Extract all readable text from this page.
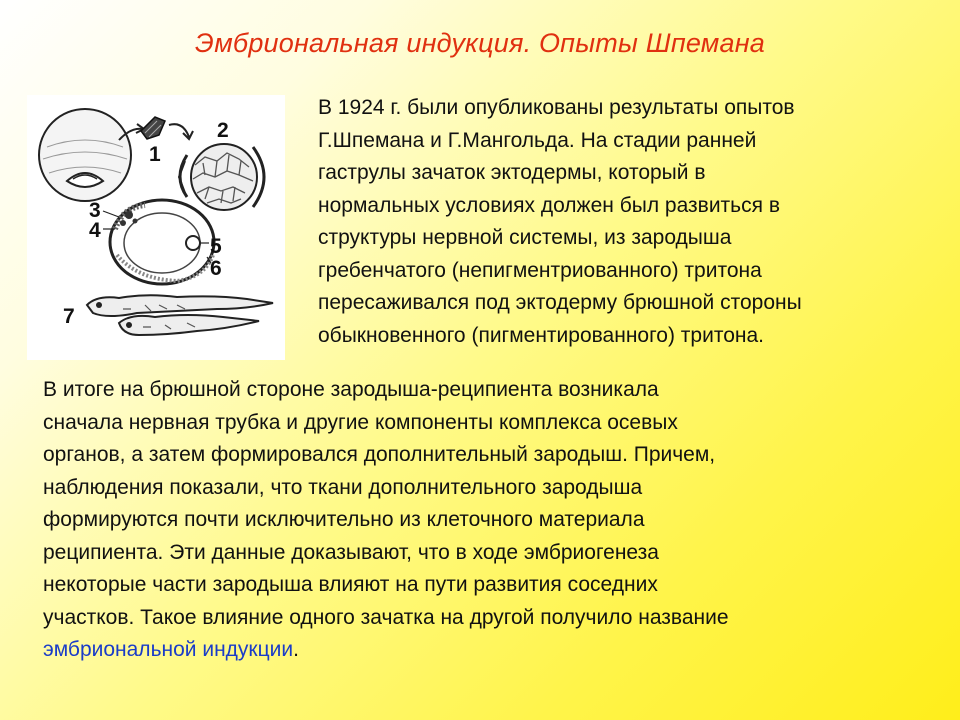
Эмбриональная индукция. Опыты Шпемана
1
2
3
4
5
6
7
В 1924 г. были опубликованы результаты опытов
Г.Шпемана и Г.Мангольда. На стадии ранней
гаструлы зачаток эктодермы, который в
нормальных условиях должен был развиться в
структуры нервной системы, из зародыша
гребенчатого (непигментриованного) тритона
пересаживался под эктодерму брюшной стороны
обыкновенного (пигментированного) тритона.
В итоге на брюшной стороне зародыша-реципиента возникала
сначала нервная трубка и другие компоненты комплекса осевых
органов, а затем формировался дополнительный зародыш. Причем,
наблюдения показали, что ткани дополнительного зародыша
формируются почти исключительно из клеточного материала
реципиента. Эти данные доказывают, что в ходе эмбриогенеза
некоторые части зародыша влияют на пути развития соседних
участков. Такое влияние одного зачатка на другой получило название
эмбриональной индукции.
